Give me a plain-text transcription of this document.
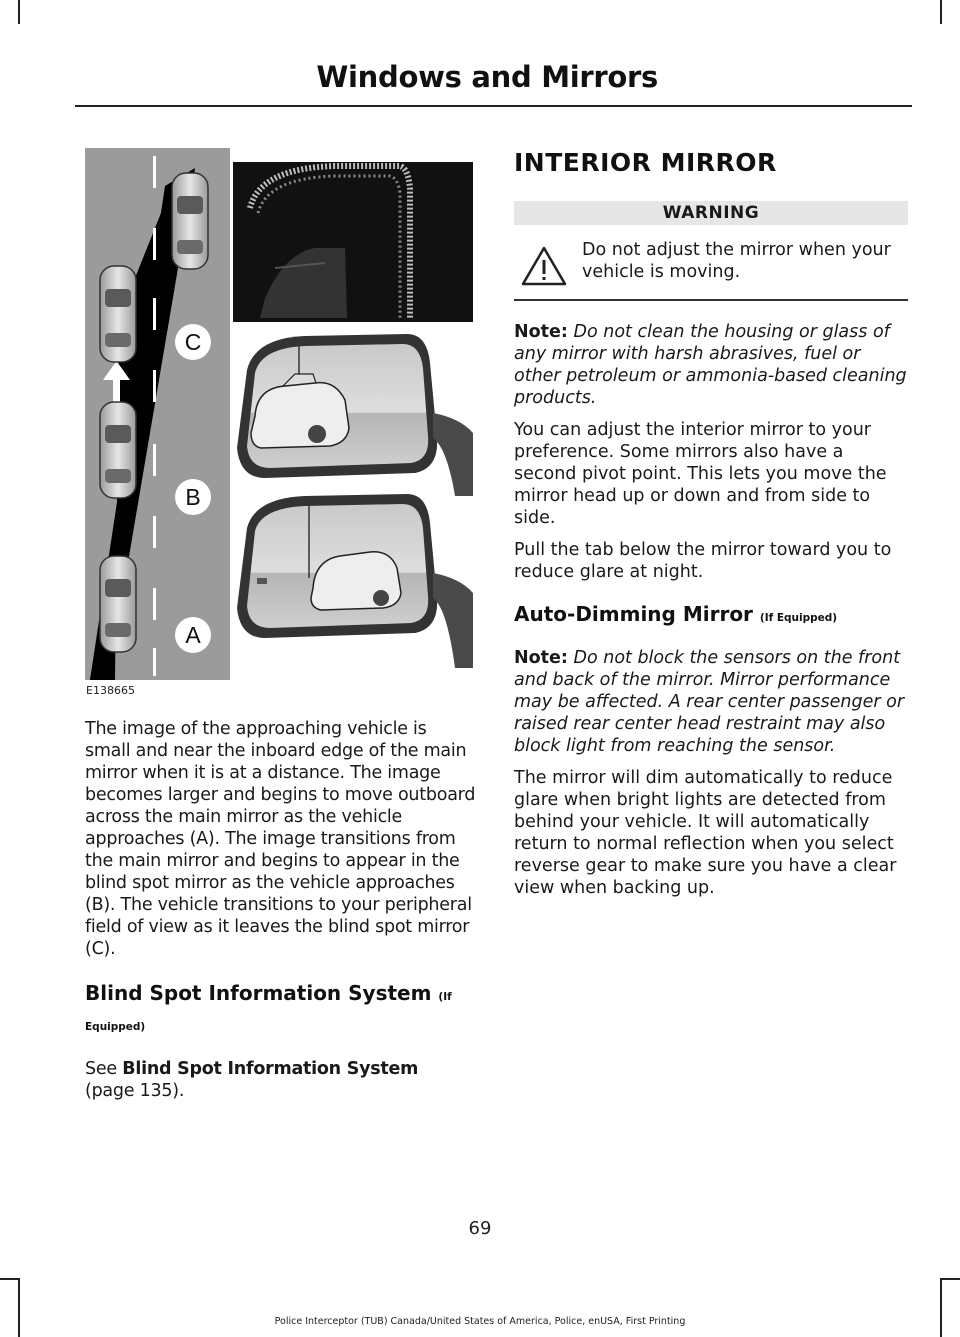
Windows and Mirrors
C
B
A
E138665

The image of the approaching vehicle is small and near the inboard edge of the main mirror when it is at a distance. The image becomes larger and begins to move outboard across the main mirror as the vehicle approaches (A). The image transitions from the main mirror and begins to appear in the blind spot mirror as the vehicle approaches (B). The vehicle transitions to your peripheral field of view as it leaves the blind spot mirror (C).

Blind Spot Information System (If Equipped)

See Blind Spot Information System
(page 135).

INTERIOR MIRROR
WARNING
Do not adjust the mirror when your vehicle is moving.

Note: Do not clean the housing or glass of any mirror with harsh abrasives, fuel or other petroleum or ammonia-based cleaning products.

You can adjust the interior mirror to your preference. Some mirrors also have a second pivot point. This lets you move the mirror head up or down and from side to side.

Pull the tab below the mirror toward you to reduce glare at night.

Auto-Dimming Mirror (If Equipped)

Note: Do not block the sensors on the front and back of the mirror. Mirror performance may be affected. A rear center passenger or raised rear center head restraint may also block light from reaching the sensor.

The mirror will dim automatically to reduce glare when bright lights are detected from behind your vehicle. It will automatically return to normal reflection when you select reverse gear to make sure you have a clear view when backing up.

69
Police Interceptor (TUB) Canada/United States of America, Police, enUSA, First Printing
